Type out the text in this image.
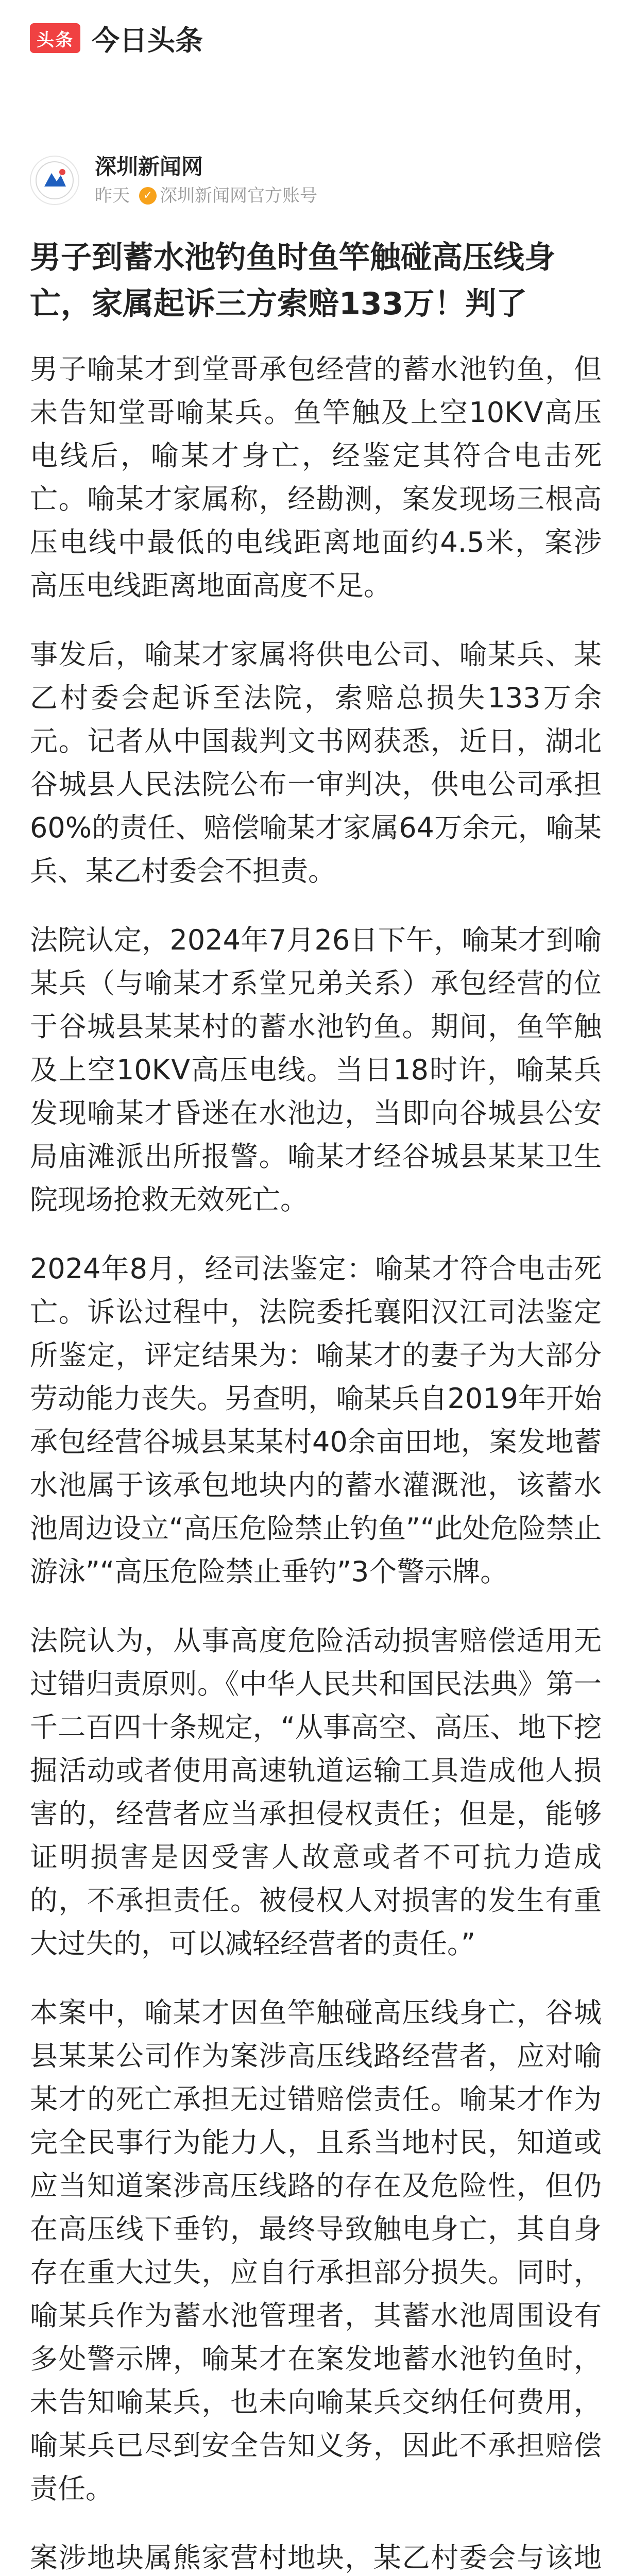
头条 今日头条
深圳新闻网
昨天	✓ 深圳新闻网官方账号
男子到蓄水池钓鱼时鱼竿触碰高压线身亡，家属起诉三方索赔133万！判了

男子喻某才到堂哥承包经营的蓄水池钓鱼，但未告知堂哥喻某兵。鱼竿触及上空10KⅤ高压电线后，喻某才身亡，经鉴定其符合电击死亡。喻某才家属称，经勘测，案发现场三根高压电线中最低的电线距离地面约4.5米，案涉高压电线距离地面高度不足。

事发后，喻某才家属将供电公司、喻某兵、某乙村委会起诉至法院，索赔总损失133万余元。记者从中国裁判文书网获悉，近日，湖北谷城县人民法院公布一审判决，供电公司承担60%的责任、赔偿喻某才家属64万余元，喻某兵、某乙村委会不担责。

法院认定，2024年7月26日下午，喻某才到喻某兵（与喻某才系堂兄弟关系）承包经营的位于谷城县某某村的蓄水池钓鱼。期间，鱼竿触及上空10KⅤ高压电线。当日18时许，喻某兵发现喻某才昏迷在水池边，当即向谷城县公安局庙滩派出所报警。喻某才经谷城县某某卫生院现场抢救无效死亡。

2024年8月，经司法鉴定：喻某才符合电击死亡。诉讼过程中，法院委托襄阳汉江司法鉴定所鉴定，评定结果为：喻某才的妻子为大部分劳动能力丧失。另查明，喻某兵自2019年开始承包经营谷城县某某村40余亩田地，案发地蓄水池属于该承包地块内的蓄水灌溉池，该蓄水池周边设立“高压危险禁止钓鱼”“此处危险禁止游泳”“高压危险禁止垂钓”3个警示牌。

法院认为，从事高度危险活动损害赔偿适用无过错归责原则。《中华人民共和国民法典》第一千二百四十条规定，“从事高空、高压、地下挖掘活动或者使用高速轨道运输工具造成他人损害的，经营者应当承担侵权责任；但是，能够证明损害是因受害人故意或者不可抗力造成的，不承担责任。被侵权人对损害的发生有重大过失的，可以减轻经营者的责任。”

本案中，喻某才因鱼竿触碰高压线身亡，谷城县某某公司作为案涉高压线路经营者，应对喻某才的死亡承担无过错赔偿责任。喻某才作为完全民事行为能力人，且系当地村民，知道或应当知道案涉高压线路的存在及危险性，但仍在高压线下垂钓，最终导致触电身亡，其自身存在重大过失，应自行承担部分损失。同时，喻某兵作为蓄水池管理者，其蓄水池周围设有多处警示牌，喻某才在案发地蓄水池钓鱼时，未告知喻某兵，也未向喻某兵交纳任何费用，喻某兵已尽到安全告知义务，因此不承担赔偿责任。

案涉地块属熊家营村地块，某乙村委会与该地
